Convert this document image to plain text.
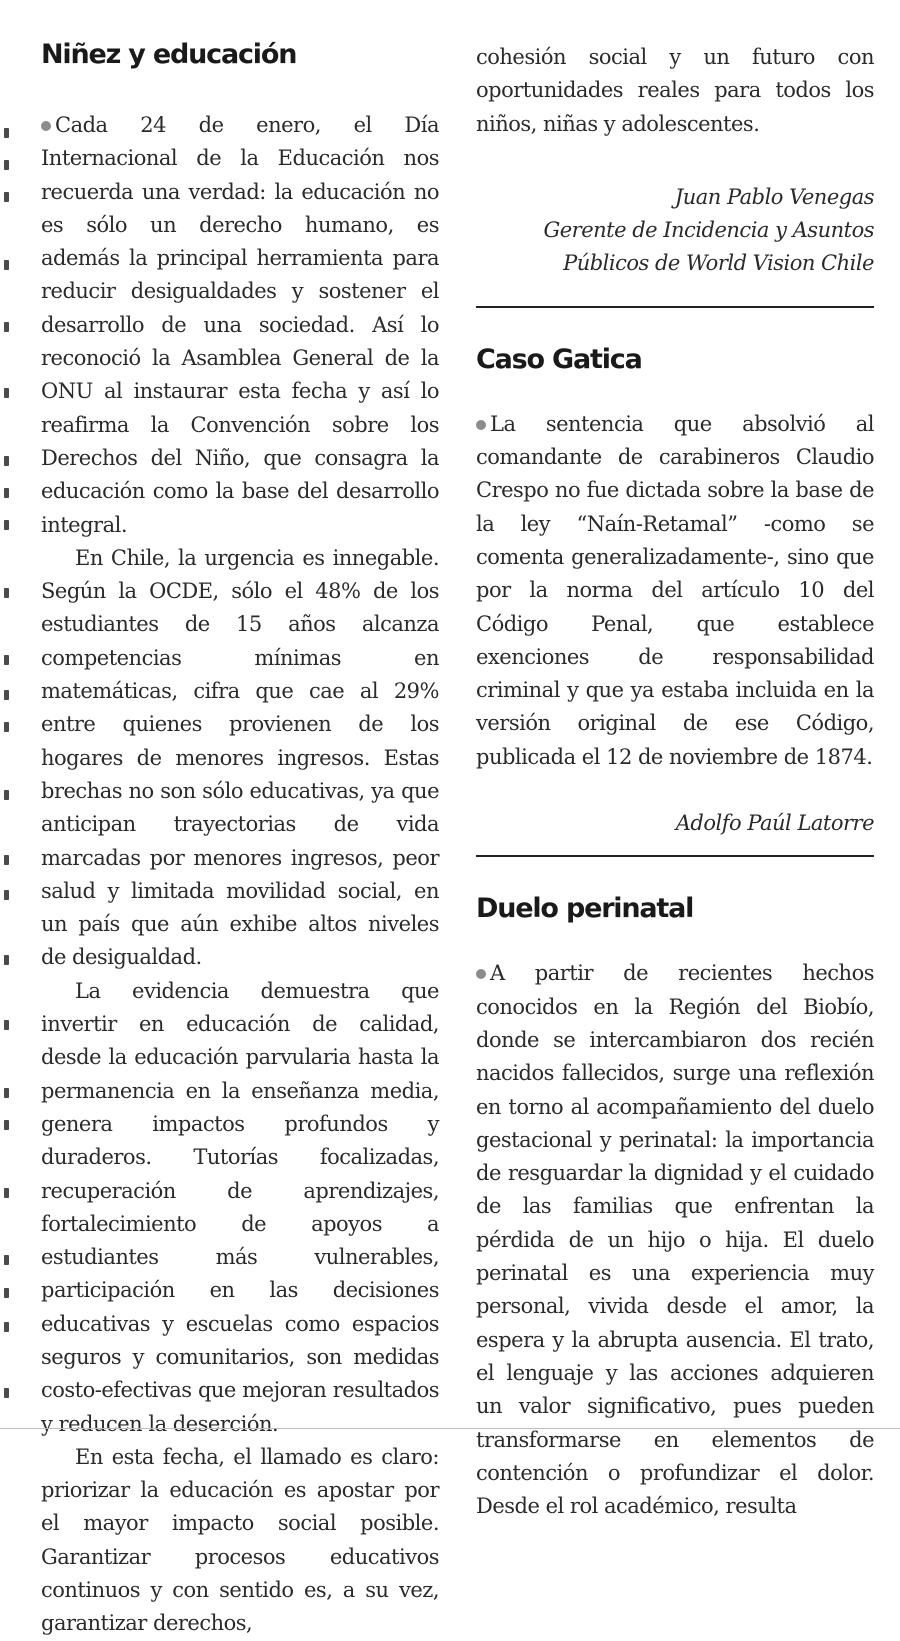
Niñez y educación

Cada 24 de enero, el Día Internacional de la Educación nos recuerda una verdad: la educación no es sólo un derecho humano, es además la principal herramienta para reducir desigualdades y sostener el desarrollo de una sociedad. Así lo reconoció la Asamblea General de la ONU al instaurar esta fecha y así lo reafirma la Convención sobre los Derechos del Niño, que consagra la educación como la base del desarrollo integral.

En Chile, la urgencia es innegable. Según la OCDE, sólo el 48% de los estudiantes de 15 años alcanza competencias mínimas en matemáticas, cifra que cae al 29% entre quienes provienen de los hogares de menores ingresos. Estas brechas no son sólo educativas, ya que anticipan trayectorias de vida marcadas por menores ingresos, peor salud y limitada movilidad social, en un país que aún exhibe altos niveles de desigualdad.

La evidencia demuestra que invertir en educación de calidad, desde la educación parvularia hasta la permanencia en la enseñanza media, genera impactos profundos y duraderos. Tutorías focalizadas, recuperación de aprendizajes, fortalecimiento de apoyos a estudiantes más vulnerables, participación en las decisiones educativas y escuelas como espacios seguros y comunitarios, son medidas costo-efectivas que mejoran resultados y reducen la deserción.

En esta fecha, el llamado es claro: priorizar la educación es apostar por el mayor impacto social posible. Garantizar procesos educativos continuos y con sentido es, a su vez, garantizar derechos,

cohesión social y un futuro con oportunidades reales para todos los niños, niñas y adolescentes.

Juan Pablo Venegas

Gerente de Incidencia y Asuntos

Públicos de World Vision Chile

Caso Gatica

La sentencia que absolvió al comandante de carabineros Claudio Crespo no fue dictada sobre la base de la ley “Naín-Retamal” -como se comenta generalizadamente-, sino que por la norma del artículo 10 del Código Penal, que establece exenciones de responsabilidad criminal y que ya estaba incluida en la versión original de ese Código, publicada el 12 de noviembre de 1874.

Adolfo Paúl Latorre

Duelo perinatal

A partir de recientes hechos conocidos en la Región del Biobío, donde se intercambiaron dos recién nacidos fallecidos, surge una reflexión en torno al acompañamiento del duelo gestacional y perinatal: la importancia de resguardar la dignidad y el cuidado de las familias que enfrentan la pérdida de un hijo o hija. El duelo perinatal es una experiencia muy personal, vivida desde el amor, la espera y la abrupta ausencia. El trato, el lenguaje y las acciones adquieren un valor significativo, pues pueden transformarse en elementos de contención o profundizar el dolor. Desde el rol académico, resulta
